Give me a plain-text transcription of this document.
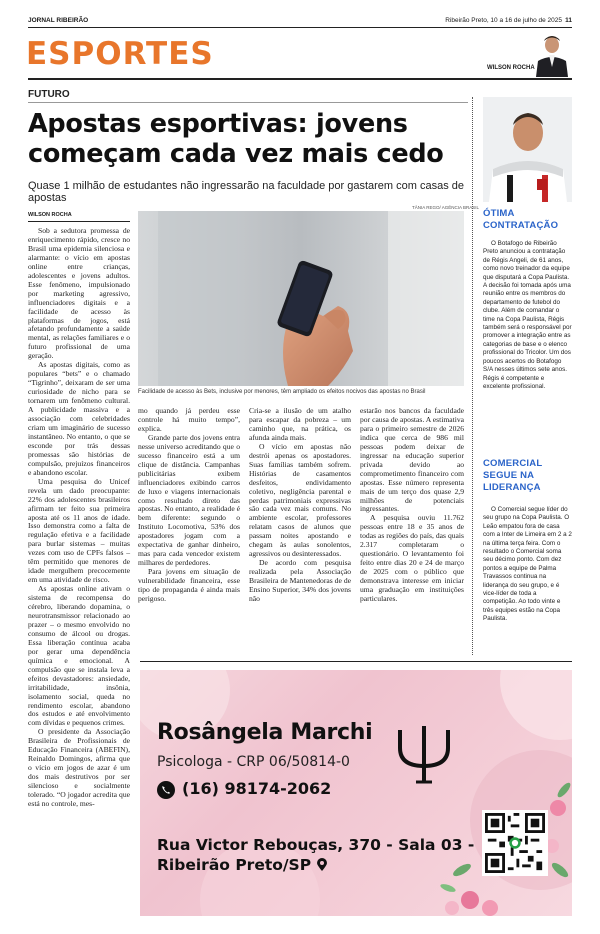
JORNAL RIBEIRÃO	Ribeirão Preto, 10 a 16 de julho de 2025 11
ESPORTES	WILSON ROCHA
FUTURO
Apostas esportivas: jovens começam cada vez mais cedo
Quase 1 milhão de estudantes não ingressarão na faculdade por gastarem com casas de apostas
WILSON ROCHA
TÂNIA REGO/ AGÊNCIA BRASIL
Facilidade de acesso às Bets, inclusive por menores, têm ampliado os efeitos nocivos das apostas no Brasil

Sob a sedutora promessa de enriquecimento rápido, cresce no Brasil uma epidemia silenciosa e alarmante: o vício em apostas online entre crianças, adolescentes e jovens adultos. Esse fenômeno, impulsionado por marketing agressivo, influenciadores digitais e a facilidade de acesso às plataformas de jogos, está afetando profundamente a saúde mental, as relações familiares e o futuro profissional de uma geração.

As apostas digitais, como as populares “bets” e o chamado “Tigrinho”, deixaram de ser uma curiosidade de nicho para se tornarem um fenômeno cultural. A publicidade massiva e a associação com celebridades criam um imaginário de sucesso instantâneo. No entanto, o que se esconde por trás dessas promessas são histórias de compulsão, prejuízos financeiros e abandono escolar.

Uma pesquisa do Unicef revela um dado preocupante: 22% dos adolescentes brasileiros afirmam ter feito sua primeira aposta até os 11 anos de idade. Isso demonstra como a falta de regulação efetiva e a facilidade para burlar sistemas – muitas vezes com uso de CPFs falsos – têm permitido que menores de idade mergulhem precocemente em uma atividade de risco.

As apostas online ativam o sistema de recompensa do cérebro, liberando dopamina, o neurotransmissor relacionado ao prazer – o mesmo envolvido no consumo de álcool ou drogas. Essa liberação contínua acaba por gerar uma dependência química e emocional. A compulsão que se instala leva a efeitos devastadores: ansiedade, irritabilidade, insônia, isolamento social, queda no rendimento escolar, abandono dos estudos e até envolvimento com dívidas e pequenos crimes.

O presidente da Associação Brasileira de Profissionais de Educação Financeira (ABEFIN), Reinaldo Domingos, afirma que o vício em jogos de azar é um dos mais destrutivos por ser silencioso e socialmente tolerado. “O jogador acredita que está no controle, mes-

mo quando já perdeu esse controle há muito tempo”, explica.

Grande parte dos jovens entra nesse universo acreditando que o sucesso financeiro está a um clique de distância. Campanhas publicitárias exibem influenciadores exibindo carros de luxo e viagens internacionais como resultado direto das apostas. No entanto, a realidade é bem diferente: segundo o Instituto Locomotiva, 53% dos apostadores jogam com a expectativa de ganhar dinheiro, mas para cada vencedor existem milhares de perdedores.

Para jovens em situação de vulnerabilidade financeira, esse tipo de propaganda é ainda mais perigoso.

Cria-se a ilusão de um atalho para escapar da pobreza – um caminho que, na prática, os afunda ainda mais.

O vício em apostas não destrói apenas os apostadores. Suas famílias também sofrem. Histórias de casamentos desfeitos, endividamento coletivo, negligência parental e perdas patrimoniais expressivas são cada vez mais comuns. No ambiente escolar, professores relatam casos de alunos que passam noites apostando e chegam às aulas sonolentos, agressivos ou desinteressados.

De acordo com pesquisa realizada pela Associação Brasileira de Mantenedoras de de Ensino Superior, 34% dos jovens não

estarão nos bancos da faculdade por causa de apostas. A estimativa para o primeiro semestre de 2026 indica que cerca de 986 mil pessoas podem deixar de ingressar na educação superior privada devido ao comprometimento financeiro com apostas. Esse número representa mais de um terço dos quase 2,9 milhões de potenciais ingressantes.

A pesquisa ouviu 11.762 pessoas entre 18 e 35 anos de todas as regiões do país, das quais 2.317 completaram o questionário. O levantamento foi feito entre dias 20 e 24 de março de 2025 com o público que demonstrava interesse em iniciar uma graduação em instituições particulares.

ÓTIMA CONTRATAÇÃO
O Botafogo de Ribeirão Preto anunciou a contratação de Régis Angeli, de 61 anos, como novo treinador da equipe que disputará a Copa Paulista. A decisão foi tomada após uma reunião entre os membros do departamento de futebol do clube. Além de comandar o time na Copa Paulista, Régis também será o responsável por promover a integração entre as categorias de base e o elenco profissional do Tricolor. Um dos poucos acertos do Botafogo S/A nesses últimos sete anos. Régis é competente e excelente profissional.
COMERCIAL SEGUE NA LIDERANÇA
O Comercial segue líder do seu grupo na Copa Paulista. O Leão empatou fora de casa com a Inter de Limeira em 2 a 2 na última terça feira. Com o resultado o Comercial soma seu décimo ponto. Com dez pontos a equipe de Palma Travassos continua na liderança do seu grupo, e é vice-líder de toda a competição. Ao todo vinte e três equipes estão na Copa Paulista.
Rosângela Marchi
Psicologa - CRP 06/50814-0
(16) 98174-2062
Rua Victor Rebouças, 370 - Sala 03 -
Ribeirão Preto/SP
